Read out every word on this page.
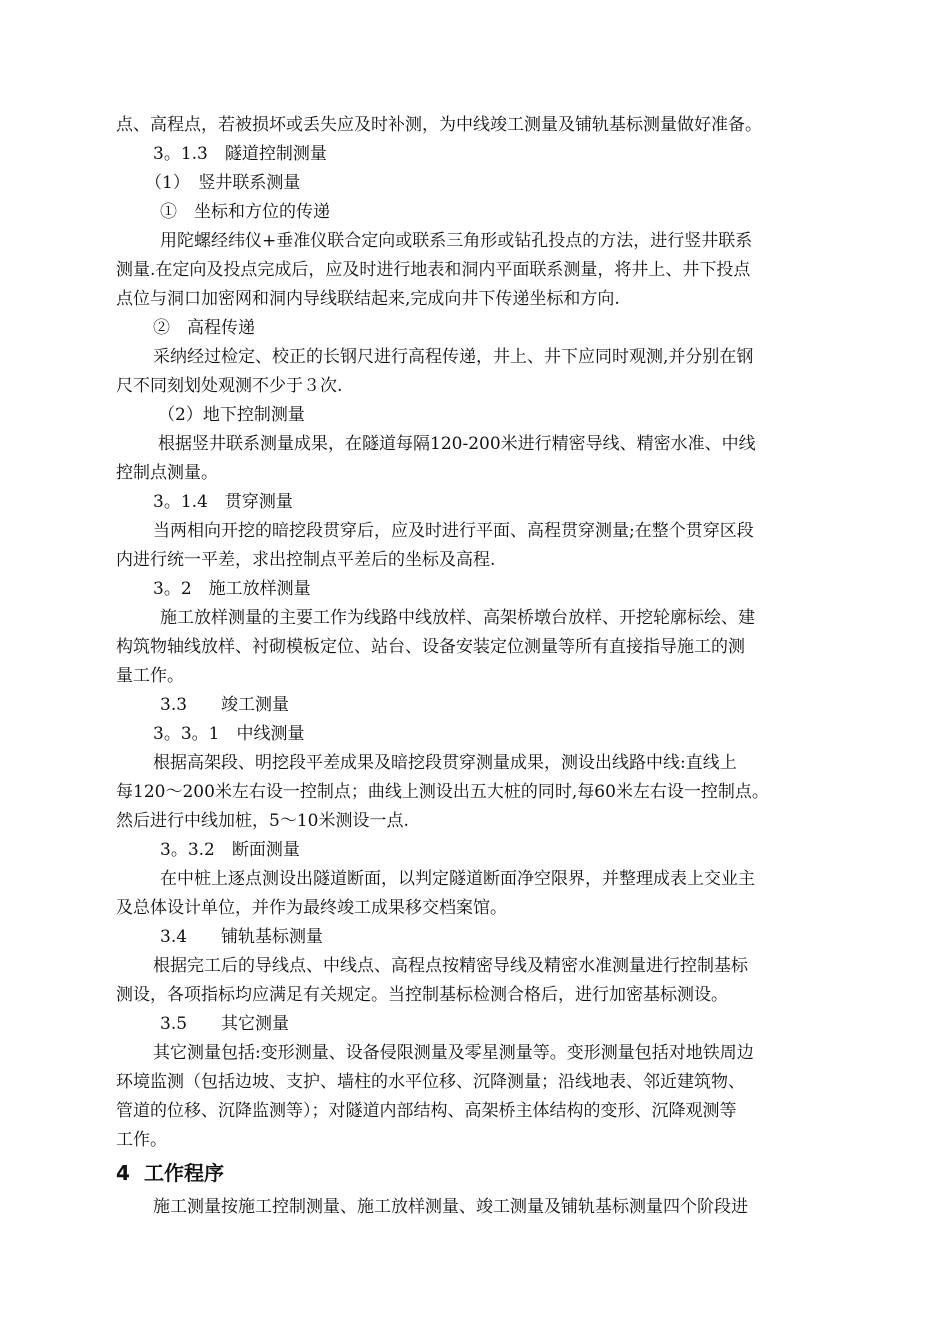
点、高程点，若被损坏或丢失应及时补测，为中线竣工测量及铺轨基标测量做好准备。
3。1.3　隧道控制测量
（1）　竖井联系测量
①　坐标和方位的传递
用陀螺经纬仪+垂准仪联合定向或联系三角形或钻孔投点的方法，进行竖井联系
测量.在定向及投点完成后，应及时进行地表和洞内平面联系测量，将井上、井下投点
点位与洞口加密网和洞内导线联结起来,完成向井下传递坐标和方向.
②　高程传递
采纳经过检定、校正的长钢尺进行高程传递，井上、井下应同时观测,并分别在钢
尺不同刻划处观测不少于３次.
（2）地下控制测量
根据竖井联系测量成果，在隧道每隔120-200米进行精密导线、精密水准、中线
控制点测量。
3。1.4　贯穿测量
当两相向开挖的暗挖段贯穿后，应及时进行平面、高程贯穿测量;在整个贯穿区段
内进行统一平差，求出控制点平差后的坐标及高程.
3。2　施工放样测量
施工放样测量的主要工作为线路中线放样、高架桥墩台放样、开挖轮廓标绘、建
构筑物轴线放样、衬砌模板定位、站台、设备安装定位测量等所有直接指导施工的测
量工作。
3.3　　竣工测量
3。3。1　中线测量
根据高架段、明挖段平差成果及暗挖段贯穿测量成果，测设出线路中线:直线上
每120～200米左右设一控制点；曲线上测设出五大桩的同时,每60米左右设一控制点。
然后进行中线加桩，5～10米测设一点.
3。3.2　断面测量
在中桩上逐点测设出隧道断面，以判定隧道断面净空限界，并整理成表上交业主
及总体设计单位，并作为最终竣工成果移交档案馆。
3.4　　铺轨基标测量
根据完工后的导线点、中线点、高程点按精密导线及精密水准测量进行控制基标
测设，各项指标均应满足有关规定。当控制基标检测合格后，进行加密基标测设。
3.5　　其它测量
其它测量包括:变形测量、设备侵限测量及零星测量等。变形测量包括对地铁周边
环境监测（包括边坡、支护、墙柱的水平位移、沉降测量；沿线地表、邻近建筑物、
管道的位移、沉降监测等）；对隧道内部结构、高架桥主体结构的变形、沉降观测等
工作。
4 工作程序
施工测量按施工控制测量、施工放样测量、竣工测量及铺轨基标测量四个阶段进
